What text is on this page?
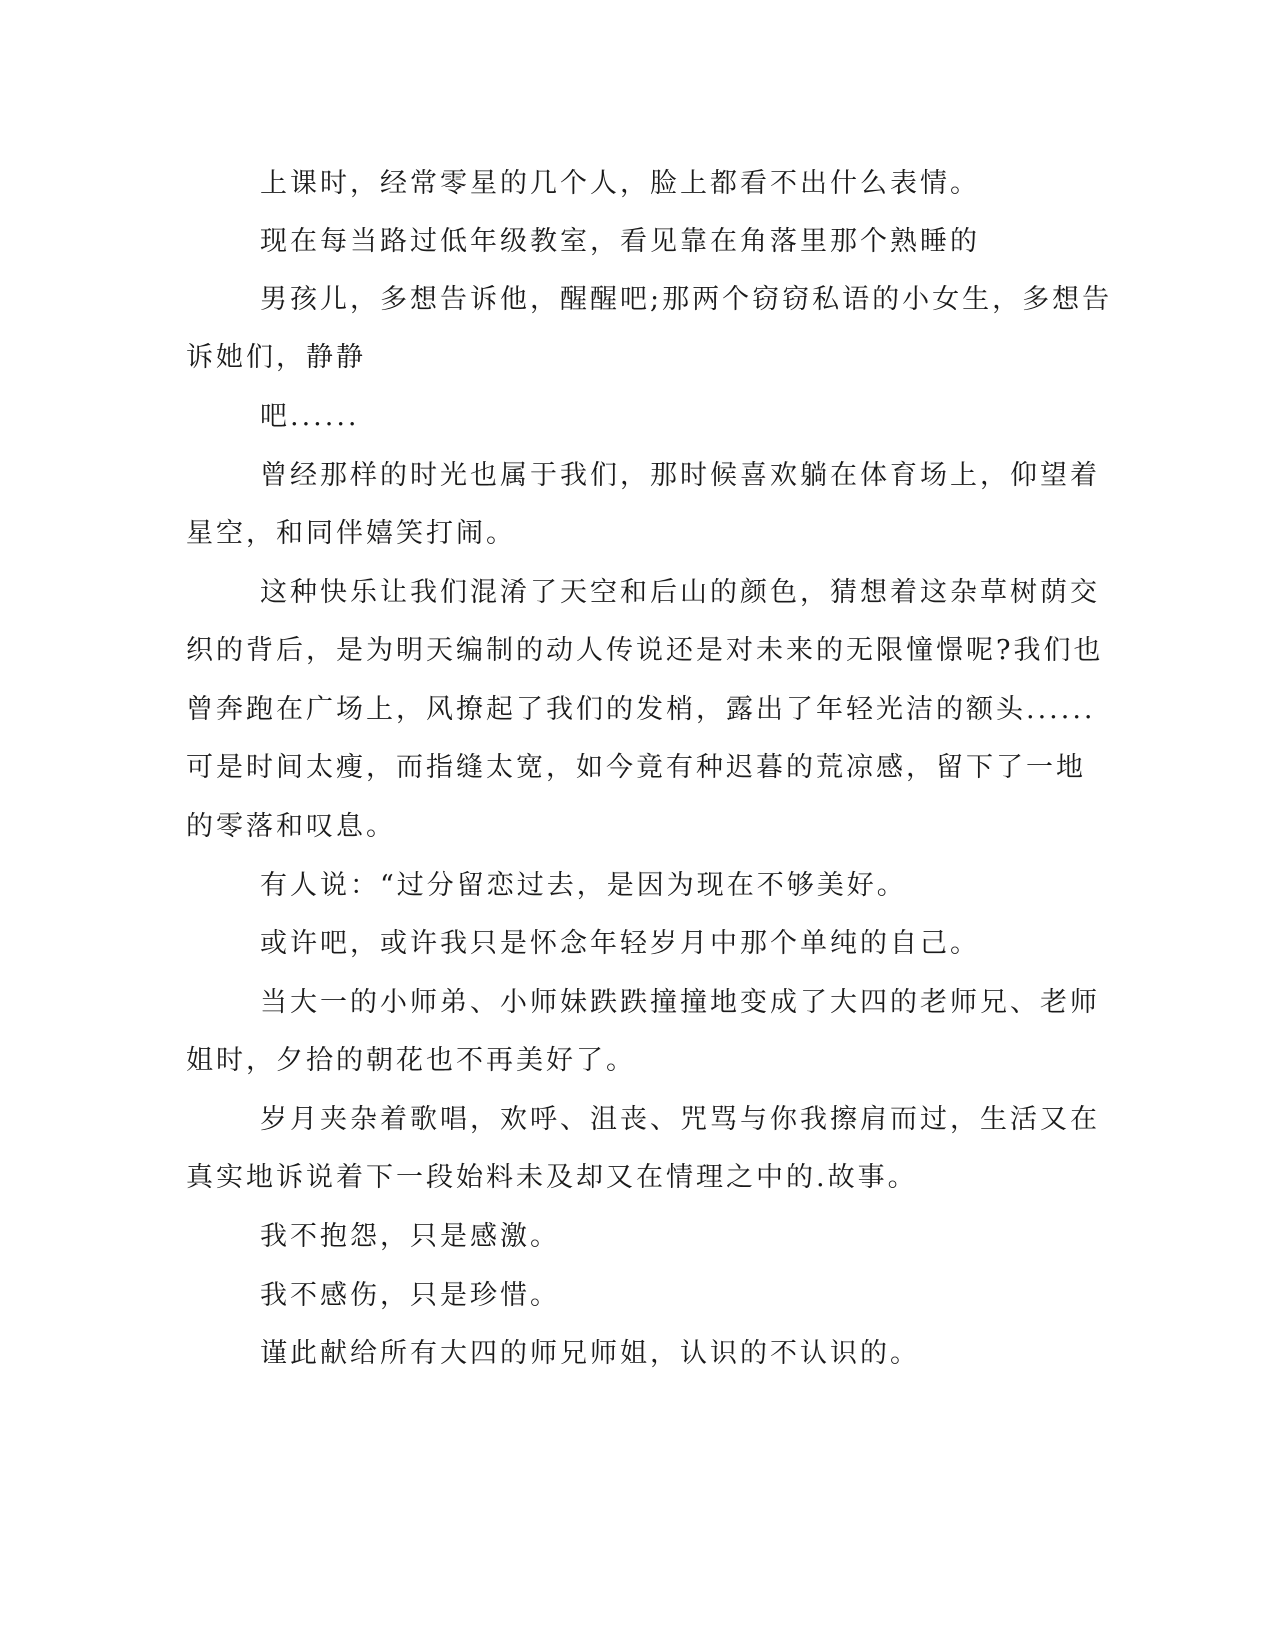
上课时，经常零星的几个人，脸上都看不出什么表情。
现在每当路过低年级教室，看见靠在角落里那个熟睡的
男孩儿，多想告诉他，醒醒吧;那两个窃窃私语的小女生，多想告
诉她们，静静
吧......
曾经那样的时光也属于我们，那时候喜欢躺在体育场上，仰望着
星空，和同伴嬉笑打闹。
这种快乐让我们混淆了天空和后山的颜色，猜想着这杂草树荫交
织的背后，是为明天编制的动人传说还是对未来的无限憧憬呢?我们也
曾奔跑在广场上，风撩起了我们的发梢，露出了年轻光洁的额头......
可是时间太瘦，而指缝太宽，如今竟有种迟暮的荒凉感，留下了一地
的零落和叹息。
有人说：“过分留恋过去，是因为现在不够美好。
或许吧，或许我只是怀念年轻岁月中那个单纯的自己。
当大一的小师弟、小师妹跌跌撞撞地变成了大四的老师兄、老师
姐时，夕拾的朝花也不再美好了。
岁月夹杂着歌唱，欢呼、沮丧、咒骂与你我擦肩而过，生活又在
真实地诉说着下一段始料未及却又在情理之中的.故事。
我不抱怨，只是感激。
我不感伤，只是珍惜。
谨此献给所有大四的师兄师姐，认识的不认识的。
